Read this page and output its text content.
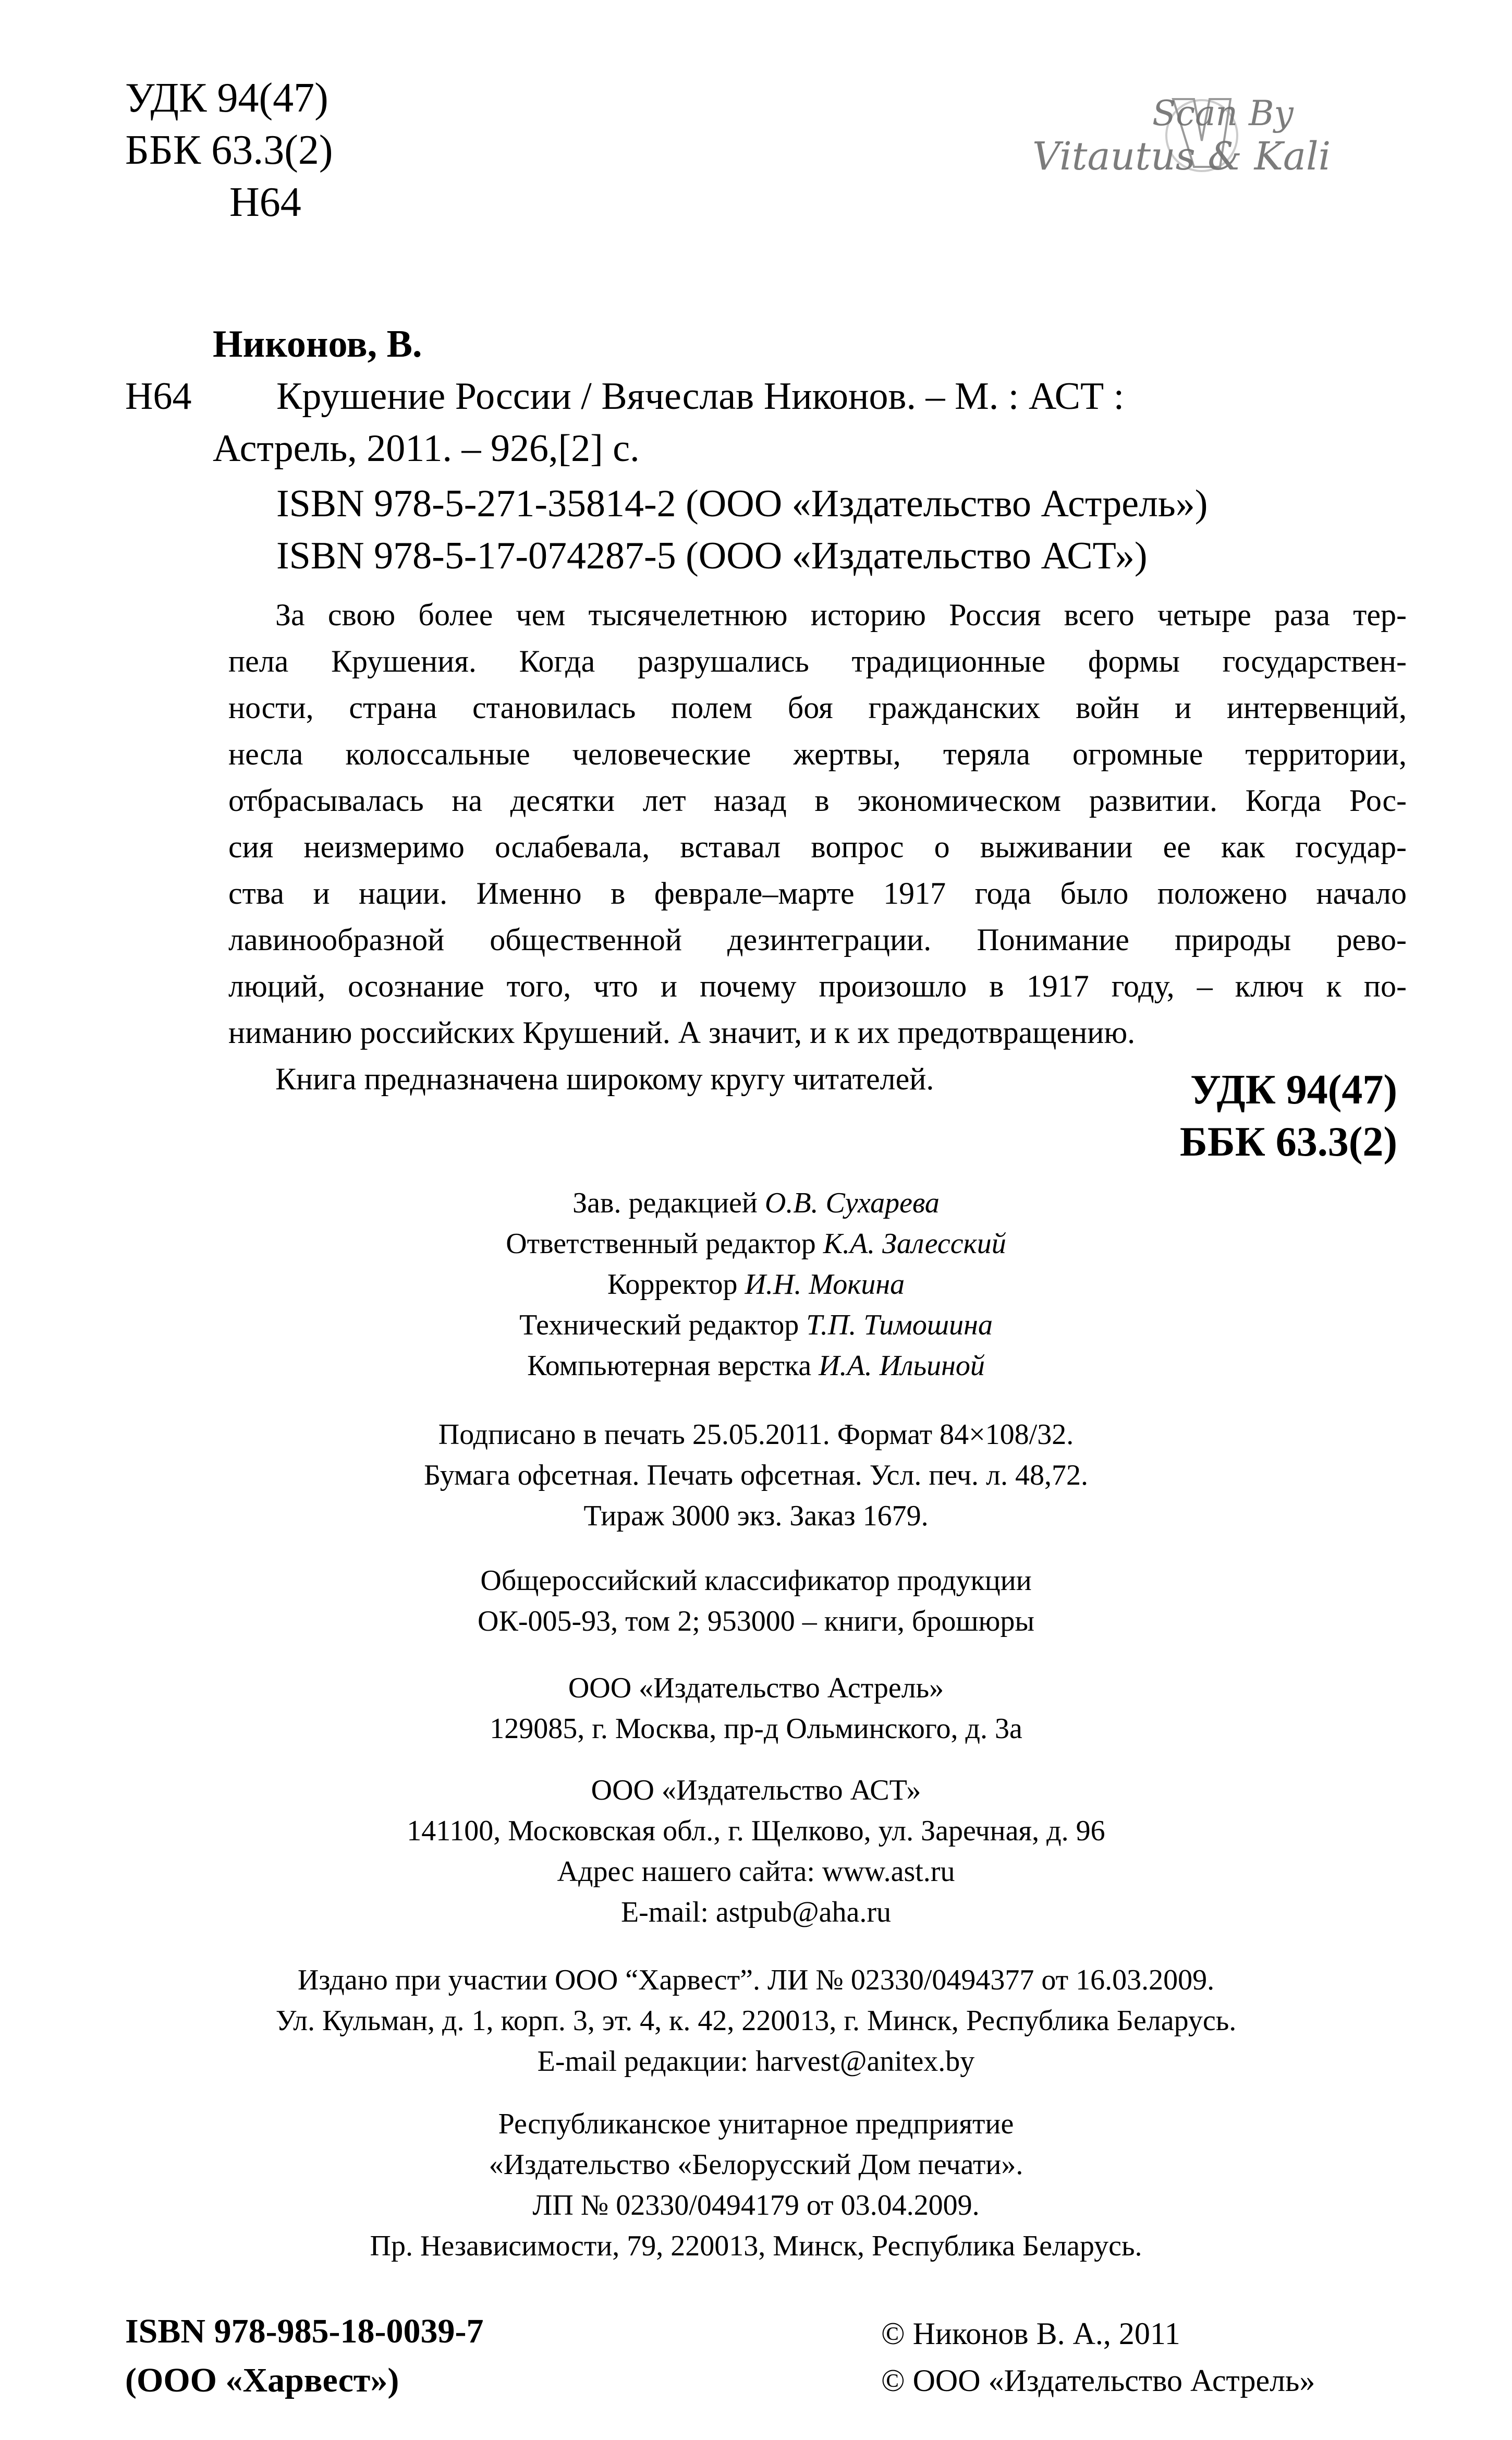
УДК 94(47)
ББК 63.3(2)
Н64
Scan By
Vitautus & Kali
Никонов, В.
Н64 Крушение России / Вячеслав Никонов. – М. : АСТ :
Астрель, 2011. – 926,[2] с.
ISBN 978-5-271-35814-2 (ООО «Издательство Астрель»)
ISBN 978-5-17-074287-5 (ООО «Издательство АСТ»)

За свою более чем тысячелетнюю историю Россия всего четыре раза тер-

пела Крушения. Когда разрушались традиционные формы государствен-

ности, страна становилась полем боя гражданских войн и интервенций,

несла колоссальные человеческие жертвы, теряла огромные территории,

отбрасывалась на десятки лет назад в экономическом развитии. Когда Рос-

сия неизмеримо ослабевала, вставал вопрос о выживании ее как государ-

ства и нации. Именно в феврале–марте 1917 года было положено начало

лавинообразной общественной дезинтеграции. Понимание природы рево-

люций, осознание того, что и почему произошло в 1917 году, – ключ к по-

ниманию российских Крушений. А значит, и к их предотвращению.

Книга предназначена широкому кругу читателей.	УДК 94(47)
ББК 63.3(2)
Зав. редакцией О.В. Сухарева
Ответственный редактор К.А. Залесский
Корректор И.Н. Мокина
Технический редактор Т.П. Тимошина
Компьютерная верстка И.А. Ильиной
Подписано в печать 25.05.2011. Формат 84×108/32.
Бумага офсетная. Печать офсетная. Усл. печ. л. 48,72.
Тираж 3000 экз. Заказ 1679.
Общероссийский классификатор продукции
ОК-005-93, том 2; 953000 – книги, брошюры
ООО «Издательство Астрель»
129085, г. Москва, пр-д Ольминского, д. 3а
ООО «Издательство АСТ»
141100, Московская обл., г. Щелково, ул. Заречная, д. 96
Адрес нашего сайта: www.ast.ru
E-mail: astpub@aha.ru
Издано при участии ООО “Харвест”. ЛИ № 02330/0494377 от 16.03.2009.
Ул. Кульман, д. 1, корп. 3, эт. 4, к. 42, 220013, г. Минск, Республика Беларусь.
E-mail редакции: harvest@anitex.by
Республиканское унитарное предприятие
«Издательство «Белорусский Дом печати».
ЛП № 02330/0494179 от 03.04.2009.
Пр. Независимости, 79, 220013, Минск, Республика Беларусь.
ISBN 978-985-18-0039-7
(ООО «Харвест»)
© Никонов В. А., 2011
© ООО «Издательство Астрель»
